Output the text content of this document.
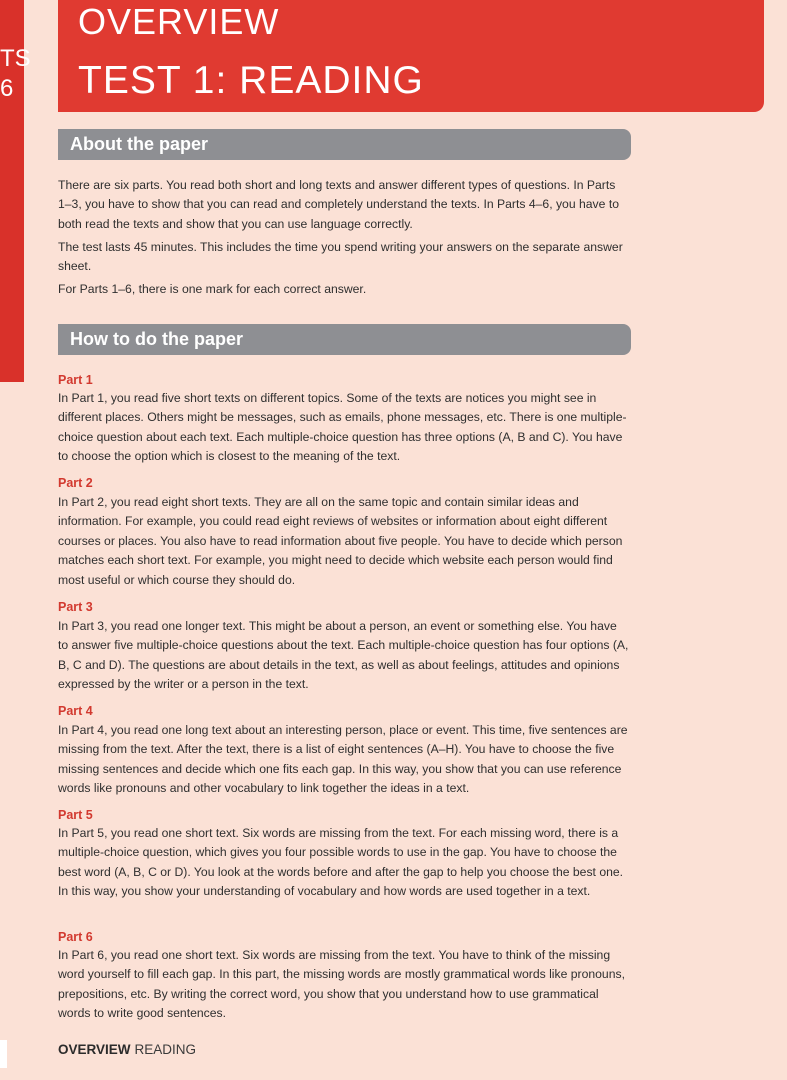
TS
6
OVERVIEW
TEST 1: READING
About the paper

There are six parts. You read both short and long texts and answer different types of questions. In Parts 1–3, you have to show that you can read and completely understand the texts. In Parts 4–6, you have to both read the texts and show that you can use language correctly.

The test lasts 45 minutes. This includes the time you spend writing your answers on the separate answer sheet.

For Parts 1–6, there is one mark for each correct answer.

How to do the paper
Part 1

In Part 1, you read five short texts on different topics. Some of the texts are notices you might see in different places. Others might be messages, such as emails, phone messages, etc. There is one multiple-choice question about each text. Each multiple-choice question has three options (A, B and C). You have to choose the option which is closest to the meaning of the text.

Part 2

In Part 2, you read eight short texts. They are all on the same topic and contain similar ideas and information. For example, you could read eight reviews of websites or information about eight different courses or places. You also have to read information about five people. You have to decide which person matches each short text. For example, you might need to decide which website each person would find most useful or which course they should do.

Part 3

In Part 3, you read one longer text. This might be about a person, an event or something else. You have to answer five multiple-choice questions about the text. Each multiple-choice question has four options (A, B, C and D). The questions are about details in the text, as well as about feelings, attitudes and opinions expressed by the writer or a person in the text.

Part 4

In Part 4, you read one long text about an interesting person, place or event. This time, five sentences are missing from the text. After the text, there is a list of eight sentences (A–H). You have to choose the five missing sentences and decide which one fits each gap. In this way, you show that you can use reference words like pronouns and other vocabulary to link together the ideas in a text.

Part 5

In Part 5, you read one short text. Six words are missing from the text. For each missing word, there is a multiple-choice question, which gives you four possible words to use in the gap. You have to choose the best word (A, B, C or D). You look at the words before and after the gap to help you choose the best one. In this way, you show your understanding of vocabulary and how words are used together in a text.

Part 6

In Part 6, you read one short text. Six words are missing from the text. You have to think of the missing word yourself to fill each gap. In this part, the missing words are mostly grammatical words like pronouns, prepositions, etc. By writing the correct word, you show that you understand how to use grammatical words to write good sentences.

OVERVIEW READING
